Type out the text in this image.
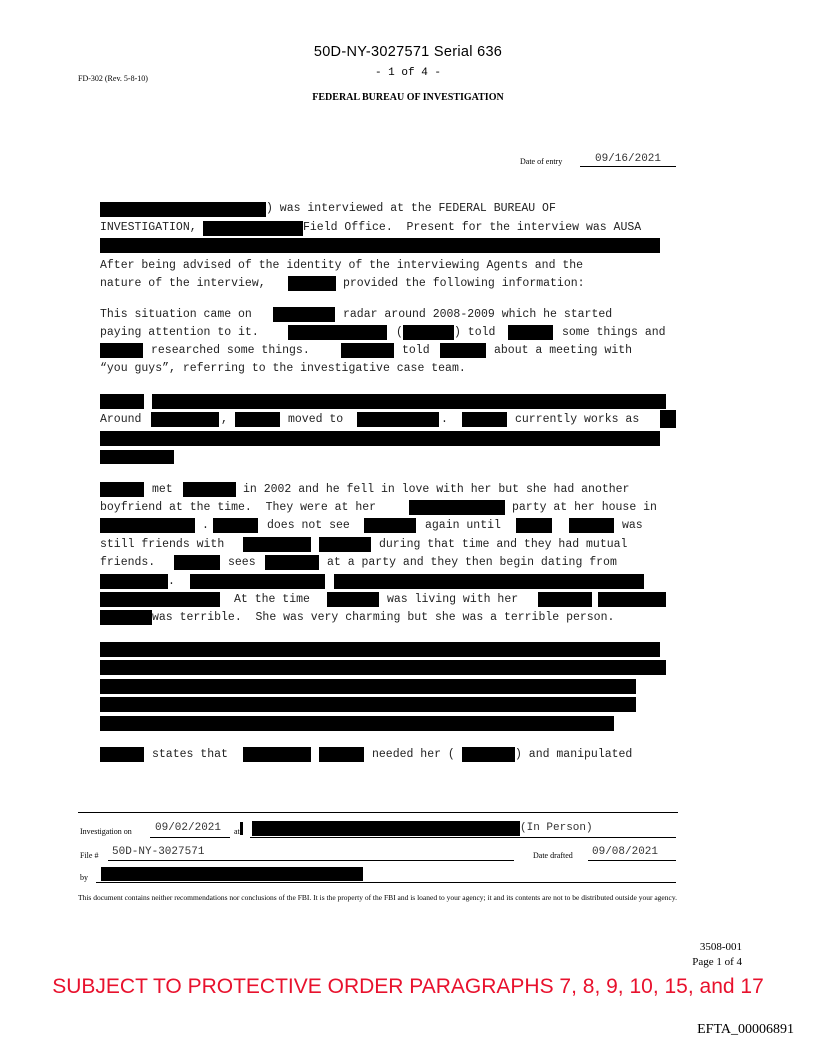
50D-NY-3027571 Serial 636
- 1 of 4 -
FD-302 (Rev. 5-8-10)
FEDERAL BUREAU OF INVESTIGATION
Date of entry	09/16/2021
) was interviewed at the FEDERAL BUREAU OF
INVESTIGATION,	Field Office.  Present for the interview was AUSA
After being advised of the identity of the interviewing Agents and the
nature of the interview,	provided the following information:
This situation came on	radar around 2008-2009 which he started
paying attention to it.	(	) told	some things and
researched some things.	told	about a meeting with
“you guys”, referring to the investigative case team.
Around	,	moved to	.	currently works as
met	in 2002 and he fell in love with her but she had another
boyfriend at the time.  They were at her	party at her house in
.	does not see	again until	was
still friends with	during that time and they had mutual
friends.	sees	at a party and they then begin dating from
.
At the time	was living with her
was terrible.  She was very charming but she was a terrible person.
states that	needed her (	) and manipulated
Investigation on 09/02/2021 at	(In Person)
File # 50D-NY-3027571	Date drafted 09/08/2021
by
This document contains neither recommendations nor conclusions of the FBI. It is the property of the FBI and is loaned to your agency; it and its contents are not to be distributed outside your agency.
3508-001
Page 1 of 4
SUBJECT TO PROTECTIVE ORDER PARAGRAPHS 7, 8, 9, 10, 15, and 17
EFTA_00006891
